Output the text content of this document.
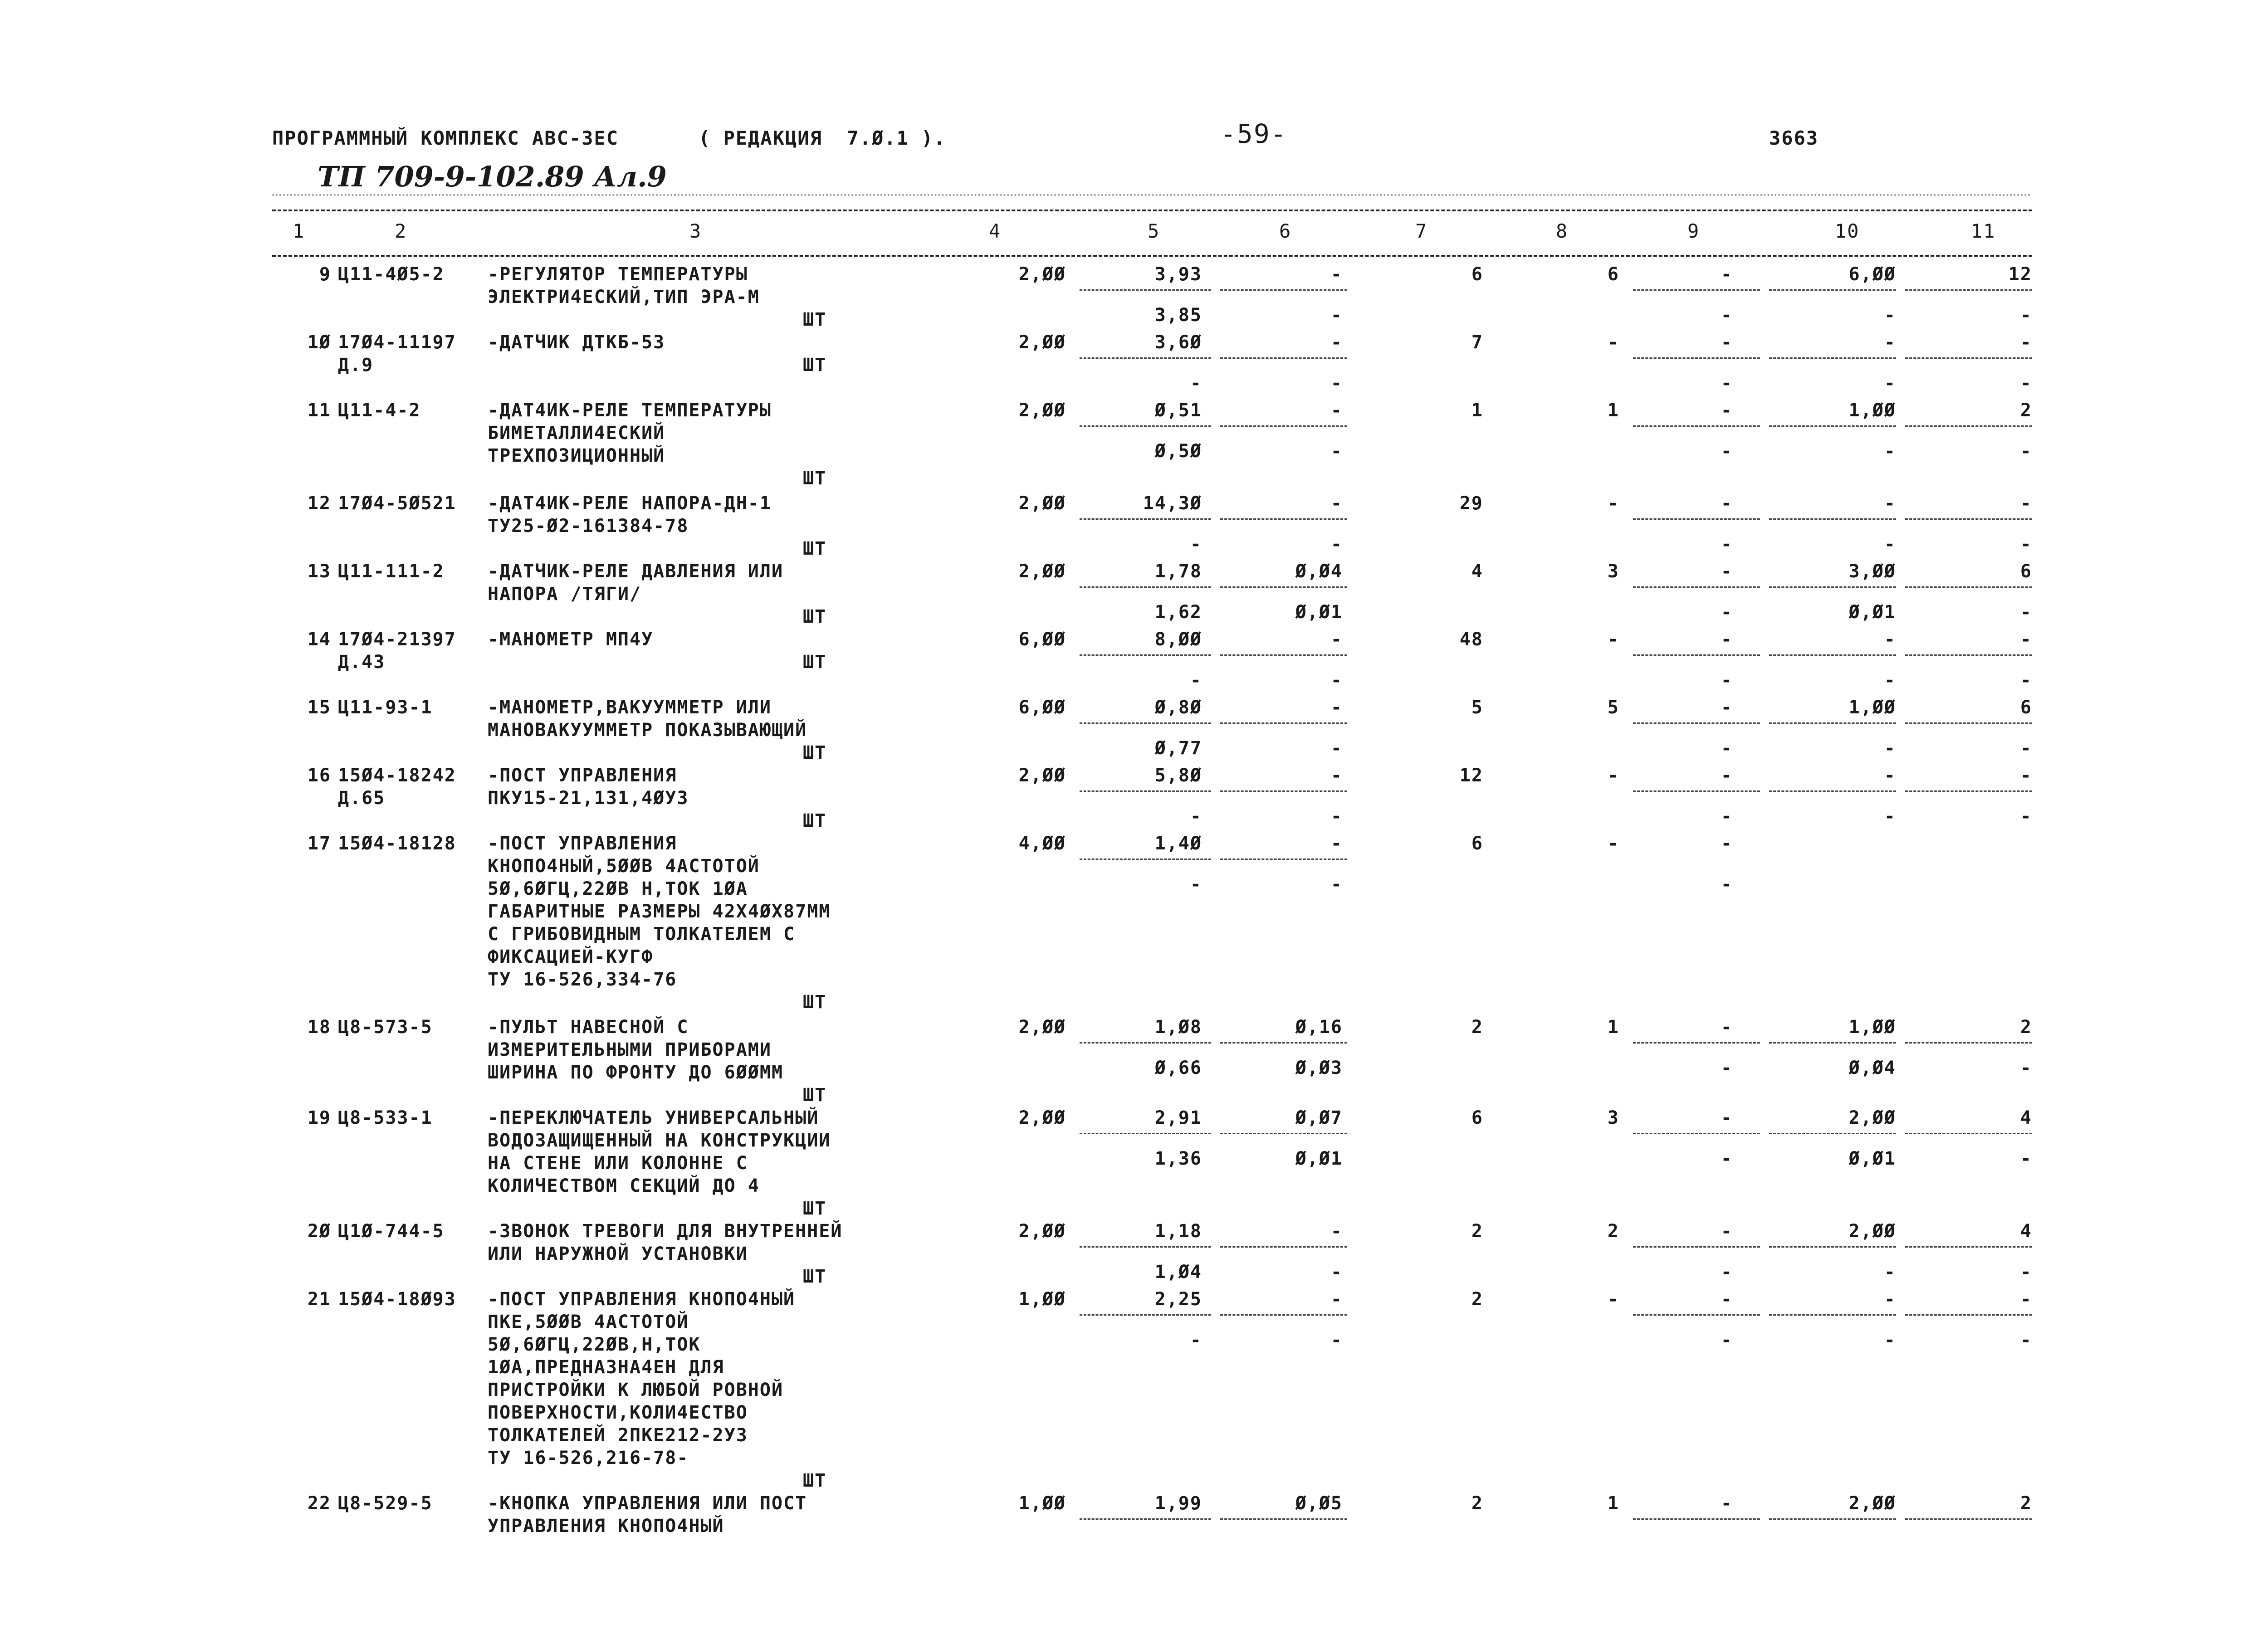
ПРОГРАММНЫЙ КОМПЛЕКС АВС-ЗЕС	( РЕДАКЦИЯ  7.Ø.1 ).	-59-	3663
ТП 709-9-102.89 Ал.9
1	2	3	4	5	6	7	8	9	10	11
9 Ц11-4Ø5-2 -РЕГУЛЯТОР ТЕМПЕРАТУРЫ
ЭЛЕКТРИ4ЕСКИЙ,ТИП ЭРА-М
ШТ
2,ØØ	3,93	-	6	6	-	6,ØØ	12
3,85	-	-	-	-
1Ø 17Ø4-11197
Д.9
-ДАТЧИК ДТКБ-53
ШТ
2,ØØ	3,6Ø	-	7	-	-	-	-
-	-	-	-	-
11 Ц11-4-2	-ДАТ4ИК-РЕЛЕ ТЕМПЕРАТУРЫ
БИМЕТАЛЛИ4ЕСКИЙ
ТРЕХПОЗИЦИОННЫЙ
ШТ
2,ØØ	Ø,51	-	1	1	-	1,ØØ	2
Ø,5Ø	-	-	-	-
12 17Ø4-5Ø521 -ДАТ4ИК-РЕЛЕ НАПОРА-ДН-1
ТУ25-Ø2-161384-78
ШТ
2,ØØ	14,3Ø	-	29	-	-	-	-
-	-	-	-	-
13 Ц11-111-2 -ДАТЧИК-РЕЛЕ ДАВЛЕНИЯ ИЛИ
НАПОРА /ТЯГИ/
ШТ
2,ØØ	1,78	Ø,Ø4	4	3	-	3,ØØ	6
1,62	Ø,Ø1	-	Ø,Ø1	-
14 17Ø4-21397
Д.43
-МАНОМЕТР МП4У
ШТ
6,ØØ	8,ØØ	-	48	-	-	-	-
-	-	-	-	-
15 Ц11-93-1	-МАНОМЕТР,ВАКУУММЕТР ИЛИ
МАНОВАКУУММЕТР ПОКАЗЫВАЮЩИЙ
ШТ
6,ØØ	Ø,8Ø	-	5	5	-	1,ØØ	6
Ø,77	-	-	-	-
16 15Ø4-18242
Д.65
-ПОСТ УПРАВЛЕНИЯ
ПКУ15-21,131,4ØУЗ
ШТ
2,ØØ	5,8Ø	-	12	-	-	-	-
-	-	-	-	-
17 15Ø4-18128 -ПОСТ УПРАВЛЕНИЯ
КНОПО4НЫЙ,5ØØВ 4АСТОТОЙ
5Ø,6ØГЦ,22ØВ Н,ТОК 1ØА
ГАБАРИТНЫЕ РАЗМЕРЫ 42Х4ØХ87ММ
С ГРИБОВИДНЫМ ТОЛКАТЕЛЕМ С
ФИКСАЦИЕЙ-КУГФ
ТУ 16-526,334-76
ШТ
4,ØØ	1,4Ø	-	6	-	-
-	-	-
18 Ц8-573-5	-ПУЛЬТ НАВЕСНОЙ С
ИЗМЕРИТЕЛЬНЫМИ ПРИБОРАМИ
ШИРИНА ПО ФРОНТУ ДО 6ØØММ
ШТ
2,ØØ	1,Ø8	Ø,16	2	1	-	1,ØØ	2
Ø,66	Ø,Ø3	-	Ø,Ø4	-
19 Ц8-533-1	-ПЕРЕКЛЮЧАТЕЛЬ УНИВЕРСАЛЬНЫЙ
ВОДОЗАЩИЩЕННЫЙ НА КОНСТРУКЦИИ
НА СТЕНЕ ИЛИ КОЛОННЕ С
КОЛИЧЕСТВОМ СЕКЦИЙ ДО 4
ШТ
2,ØØ	2,91	Ø,Ø7	6	3	-	2,ØØ	4
1,36	Ø,Ø1	-	Ø,Ø1	-
2Ø Ц1Ø-744-5 -ЗВОНОК ТРЕВОГИ ДЛЯ ВНУТРЕННЕЙ
ИЛИ НАРУЖНОЙ УСТАНОВКИ
ШТ
2,ØØ	1,18	-	2	2	-	2,ØØ	4
1,Ø4	-	-	-	-
21 15Ø4-18Ø93 -ПОСТ УПРАВЛЕНИЯ КНОПО4НЫЙ
ПКЕ,5ØØВ 4АСТОТОЙ
5Ø,6ØГЦ,22ØВ,Н,ТОК
1ØА,ПРЕДНАЗНА4ЕН ДЛЯ
ПРИСТРОЙКИ К ЛЮБОЙ РОВНОЙ
ПОВЕРХНОСТИ,КОЛИ4ЕСТВО
ТОЛКАТЕЛЕЙ 2ПКЕ212-2УЗ
ТУ 16-526,216-78-
ШТ
1,ØØ	2,25	-	2	-	-	-	-
-	-	-	-	-
22 Ц8-529-5	-КНОПКА УПРАВЛЕНИЯ ИЛИ ПОСТ
УПРАВЛЕНИЯ КНОПО4НЫЙ
1,ØØ	1,99	Ø,Ø5	2	1	-	2,ØØ	2
